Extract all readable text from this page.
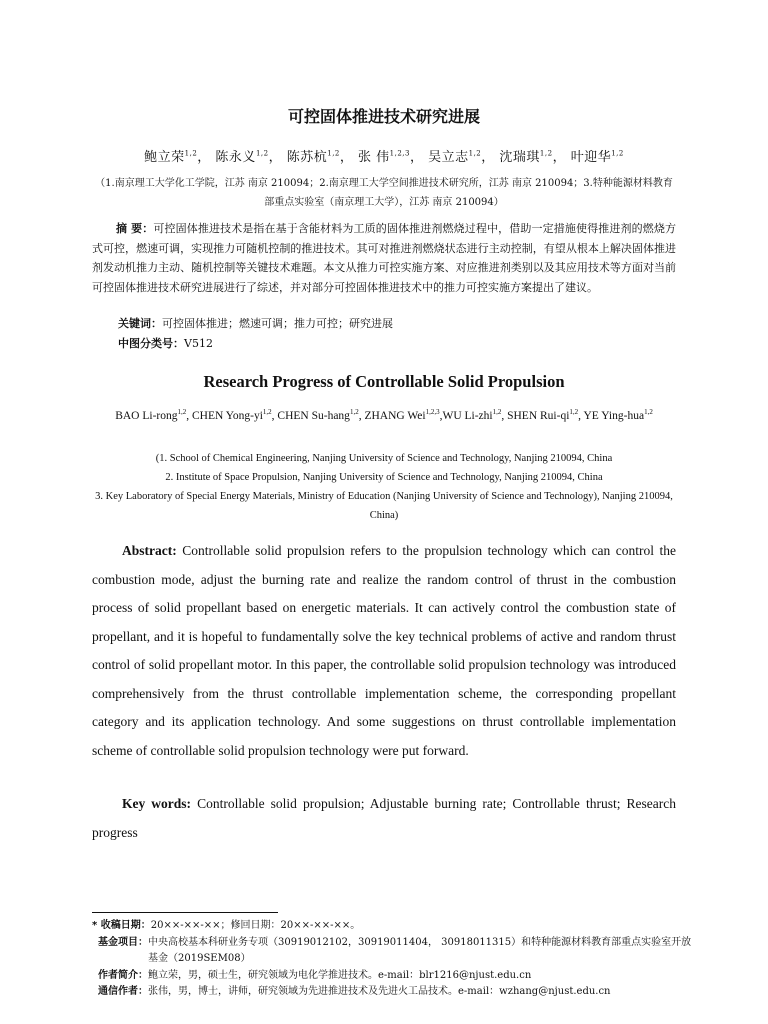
可控固体推进技术研究进展
鲍立荣$^{1,2}$， 陈永义$^{1,2}$， 陈苏杭$^{1,2}$， 张 伟$^{1,2,3}$， 吴立志$^{1,2}$， 沈瑞琪$^{1,2}$， 叶迎华$^{1,2}$
（1.南京理工大学化工学院，江苏 南京 210094；2.南京理工大学空间推进技术研究所，江苏 南京 210094；3.特种能源材料教育部重点实验室（南京理工大学），江苏 南京 210094）
摘 要：可控固体推进技术是指在基于含能材料为工质的固体推进剂燃烧过程中，借助一定措施使得推进剂的燃烧方式可控，燃速可调，实现推力可随机控制的推进技术。其可对推进剂燃烧状态进行主动控制，有望从根本上解决固体推进剂发动机推力主动、随机控制等关键技术难题。本文从推力可控实施方案、对应推进剂类别以及其应用技术等方面对当前可控固体推进技术研究进展进行了综述，并对部分可控固体推进技术中的推力可控实施方案提出了建议。
关键词：可控固体推进；燃速可调；推力可控；研究进展
中图分类号：V512
Research Progress of Controllable Solid Propulsion
BAO Li-rong$^{1,2}$, CHEN Yong-yi$^{1,2}$, CHEN Su-hang$^{1,2}$, ZHANG Wei$^{1,2,3}$,WU Li-zhi$^{1,2}$, SHEN Rui-qi$^{1,2}$, YE Ying-hua$^{1,2}$
(1. School of Chemical Engineering, Nanjing University of Science and Technology, Nanjing 210094, China
2. Institute of Space Propulsion, Nanjing University of Science and Technology, Nanjing 210094, China
3. Key Laboratory of Special Energy Materials, Ministry of Education (Nanjing University of Science and Technology), Nanjing 210094, China)
Abstract: Controllable solid propulsion refers to the propulsion technology which can control the combustion mode, adjust the burning rate and realize the random control of thrust in the combustion process of solid propellant based on energetic materials. It can actively control the combustion state of propellant, and it is hopeful to fundamentally solve the key technical problems of active and random thrust control of solid propellant motor. In this paper, the controllable solid propulsion technology was introduced comprehensively from the thrust controllable implementation scheme, the corresponding propellant category and its application technology. And some suggestions on thrust controllable implementation scheme of controllable solid propulsion technology were put forward.
Key words: Controllable solid propulsion; Adjustable burning rate; Controllable thrust; Research progress
* 收稿日期： 20××-××-××；修回日期：20××-××-××。
基金项目： 中央高校基本科研业务专项（30919012102，30919011404， 30918011315）和特种能源材料教育部重点实验室开放基金（2019SEM08）
作者简介： 鲍立荣，男，硕士生，研究领域为电化学推进技术。e-mail：blr1216@njust.edu.cn
通信作者： 张伟，男，博士，讲师，研究领域为先进推进技术及先进火工品技术。e-mail：wzhang@njust.edu.cn
